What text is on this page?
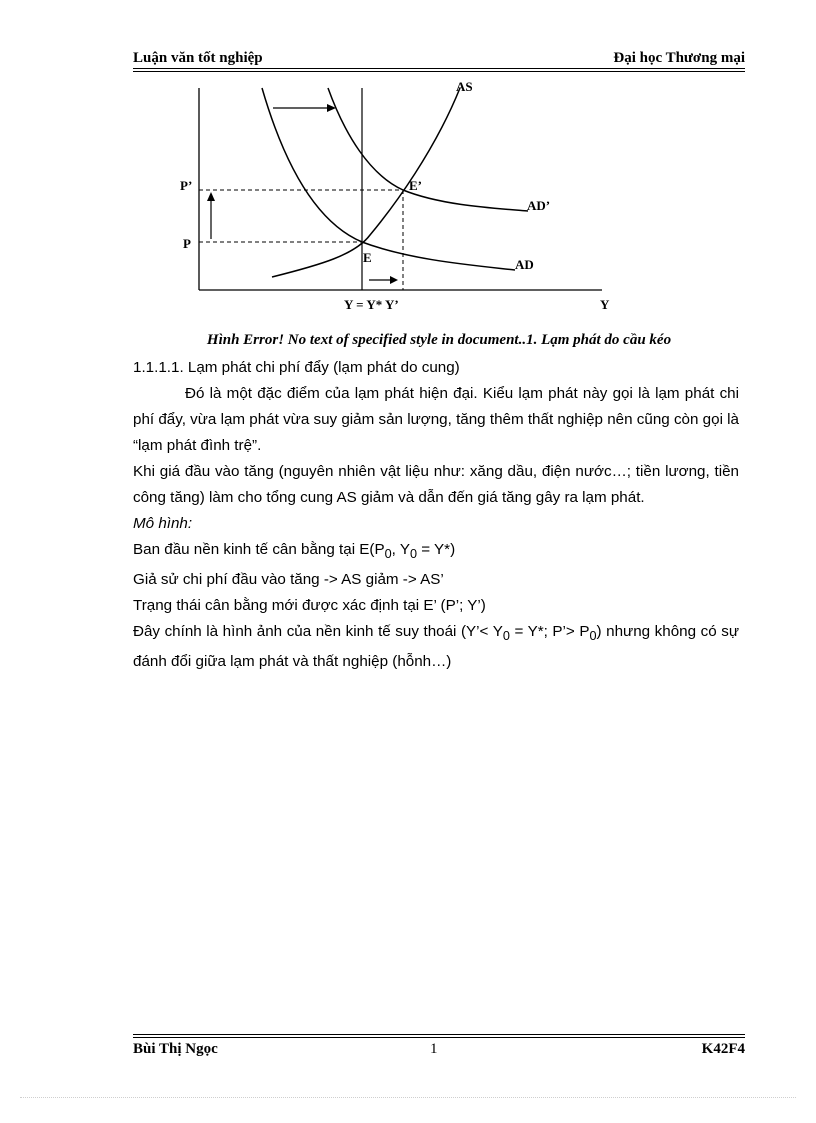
Luận văn tốt nghiệp	Đại học Thương mại
P’
P
E’
E
AD’
AD
AS
Y = Y* Y’	Y
Hình Error! No text of specified style in document..1. Lạm phát do cầu kéo

1.1.1.1. Lạm phát chi phí đẩy (lạm phát do cung)

Đó là một đặc điểm của lạm phát hiện đại. Kiểu lạm phát này gọi là lạm phát chi phí đẩy, vừa lạm phát vừa suy giảm sản lượng, tăng thêm thất nghiệp nên cũng còn gọi là “lạm phát đình trệ”.

Khi giá đầu vào tăng (nguyên nhiên vật liệu như: xăng dầu, điện nước…; tiền lương, tiền công tăng) làm cho tổng cung AS giảm và dẫn đến giá tăng gây ra lạm phát.

Mô hình:

Ban đầu nền kinh tế cân bằng tại $E(P_0$, $Y_0 = Y*$)

Giả sử chi phí đầu vào tăng -> AS giảm -> AS’

Trạng thái cân bằng mới được xác định tại E’ (P’; Y’)

Đây chính là hình ảnh của nền kinh tế suy thoái (Y’< $Y_0 = Y*$; P’> $P_0$) nhưng không có sự đánh đổi giữa lạm phát và thất nghiệp (hỗnh…)

Bùi Thị Ngọc	1	K42F4
